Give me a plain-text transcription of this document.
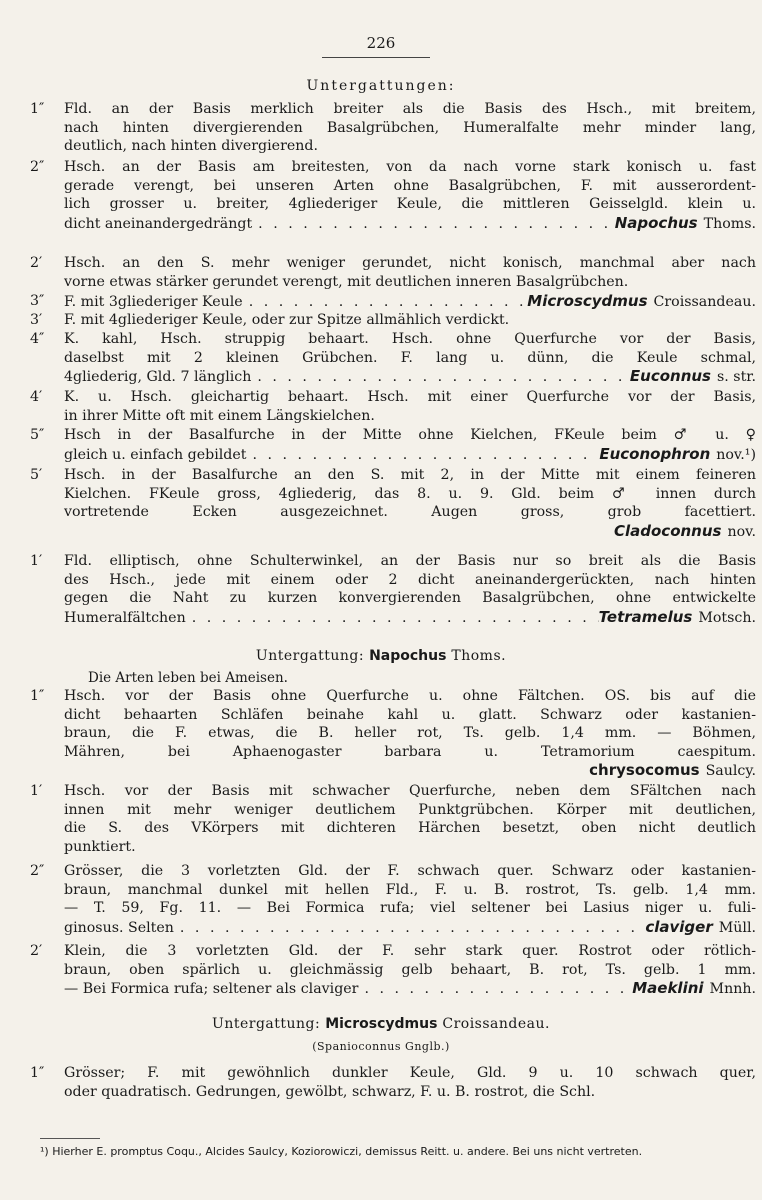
226
Untergattungen:
1″	Fld. an der Basis merklich breiter als die Basis des Hsch., mit breitem,
nach hinten divergierenden Basalgrübchen, Humeralfalte mehr minder lang,
deutlich, nach hinten divergierend.
2″	Hsch. an der Basis am breitesten, von da nach vorne stark konisch u. fast
gerade verengt, bei unseren Arten ohne Basalgrübchen, F. mit ausserordent-
lich grosser u. breiter, 4gliederiger Keule, die mittleren Geisselgld. klein u.
dicht aneinandergedrängt . . .	Napochus Thoms.
2′	Hsch. an den S. mehr weniger gerundet, nicht konisch, manchmal aber nach
vorne etwas stärker gerundet verengt, mit deutlichen inneren Basalgrübchen.
3″	F. mit 3gliederiger Keule . . .	Microscydmus Croissandeau.
3′	F. mit 4gliederiger Keule, oder zur Spitze allmählich verdickt.
4″	K. kahl, Hsch. struppig behaart. Hsch. ohne Querfurche vor der Basis,
daselbst mit 2 kleinen Grübchen. F. lang u. dünn, die Keule schmal,
4gliederig, Gld. 7 länglich . . .	Euconnus s. str.
4′	K. u. Hsch. gleichartig behaart. Hsch. mit einer Querfurche vor der Basis,
in ihrer Mitte oft mit einem Längskielchen.
5″	Hsch in der Basalfurche in der Mitte ohne Kielchen, FKeule beim ♂ u. ♀
gleich u. einfach gebildet . . .	Euconophron nov.¹)
5′	Hsch. in der Basalfurche an den S. mit 2, in der Mitte mit einem feineren
Kielchen. FKeule gross, 4gliederig, das 8. u. 9. Gld. beim ♂ innen durch
vortretende Ecken ausgezeichnet. Augen gross, grob facettiert.
Cladoconnus nov.
1′	Fld. elliptisch, ohne Schulterwinkel, an der Basis nur so breit als die Basis
des Hsch., jede mit einem oder 2 dicht aneinandergerückten, nach hinten
gegen die Naht zu kurzen konvergierenden Basalgrübchen, ohne entwickelte
Humeralfältchen . . .	Tetramelus Motsch.
Untergattung: Napochus Thoms.
Die Arten leben bei Ameisen.
1″	Hsch. vor der Basis ohne Querfurche u. ohne Fältchen. OS. bis auf die
dicht behaarten Schläfen beinahe kahl u. glatt. Schwarz oder kastanien-
braun, die F. etwas, die B. heller rot, Ts. gelb. 1,4 mm. — Böhmen,
Mähren, bei Aphaenogaster barbara u. Tetramorium caespitum.
chrysocomus Saulcy.
1′	Hsch. vor der Basis mit schwacher Querfurche, neben dem SFältchen nach
innen mit mehr weniger deutlichem Punktgrübchen. Körper mit deutlichen,
die S. des VKörpers mit dichteren Härchen besetzt, oben nicht deutlich
punktiert.
2″	Grösser, die 3 vorletzten Gld. der F. schwach quer. Schwarz oder kastanien-
braun, manchmal dunkel mit hellen Fld., F. u. B. rostrot, Ts. gelb. 1,4 mm.
— T. 59, Fg. 11. — Bei Formica rufa; viel seltener bei Lasius niger u. fuli-
ginosus. Selten . . .	claviger Müll.
2′	Klein, die 3 vorletzten Gld. der F. sehr stark quer. Rostrot oder rötlich-
braun, oben spärlich u. gleichmässig gelb behaart, B. rot, Ts. gelb. 1 mm.
— Bei Formica rufa; seltener als claviger . . .	Maeklini Mnnh.
Untergattung: Microscydmus Croissandeau.
(Spanioconnus Gnglb.)
1″	Grösser; F. mit gewöhnlich dunkler Keule, Gld. 9 u. 10 schwach quer,
oder quadratisch. Gedrungen, gewölbt, schwarz, F. u. B. rostrot, die Schl.
¹) Hierher E. promptus Coqu., Alcides Saulcy, Koziorowiczi, demissus Reitt. u. andere. Bei uns nicht vertreten.
